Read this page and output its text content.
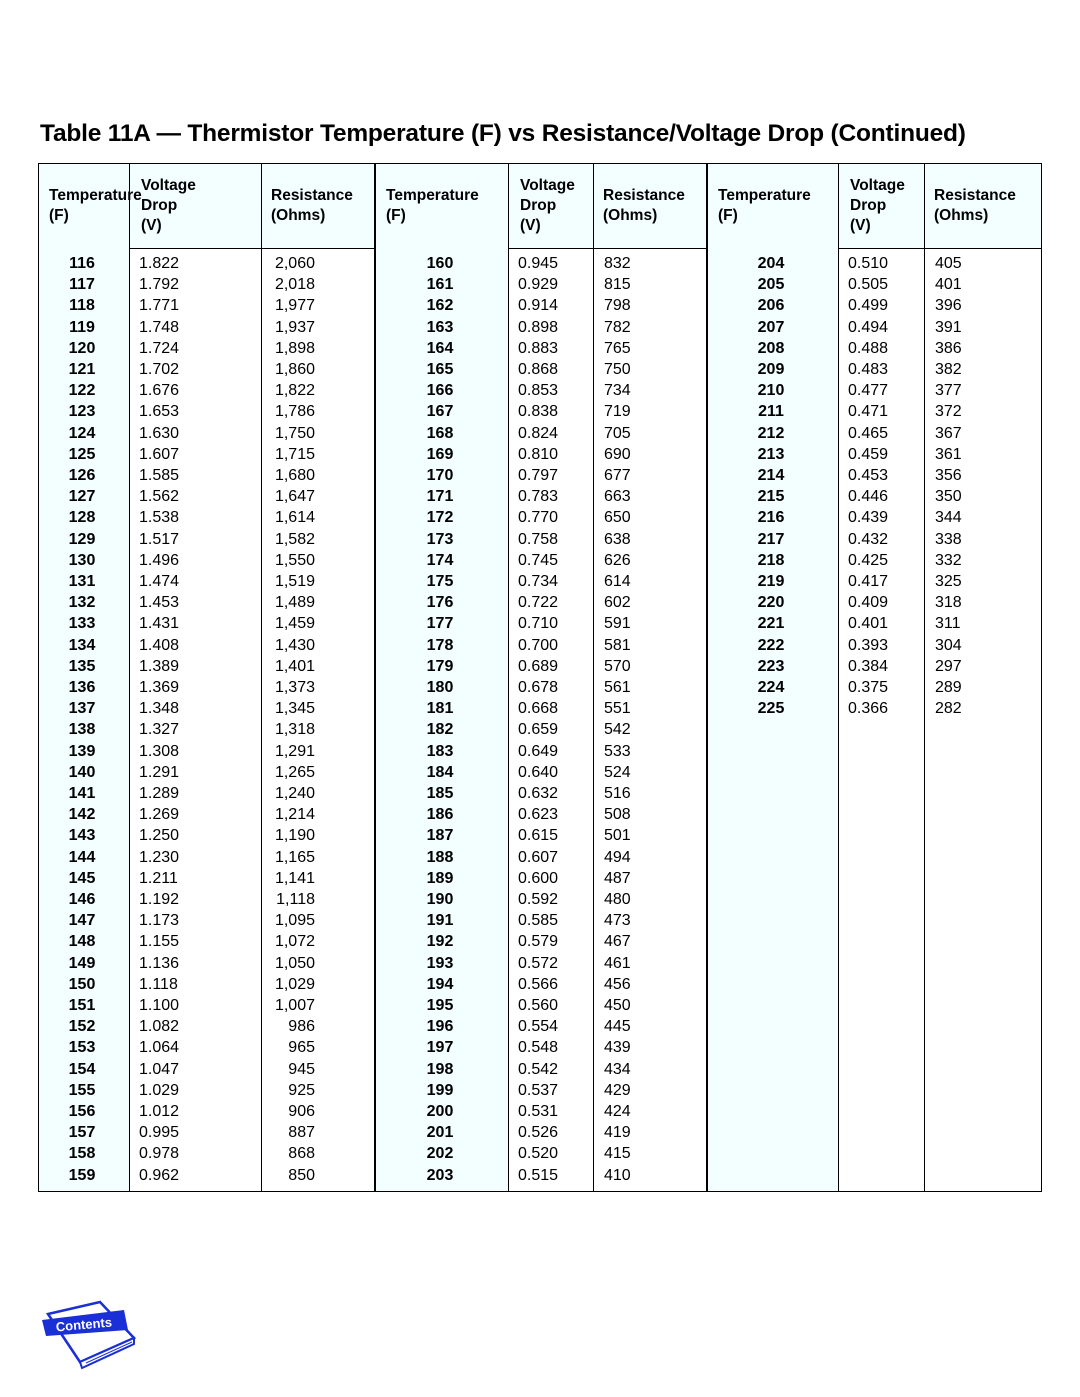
Table 11A — Thermistor Temperature (F) vs Resistance/Voltage Drop (Continued)
Temperature
(F)
Voltage
Drop
(V)
Resistance
(Ohms)
116	1.822	2,060
117	1.792	2,018
118	1.771	1,977
119	1.748	1,937
120	1.724	1,898
121	1.702	1,860
122	1.676	1,822
123	1.653	1,786
124	1.630	1,750
125	1.607	1,715
126	1.585	1,680
127	1.562	1,647
128	1.538	1,614
129	1.517	1,582
130	1.496	1,550
131	1.474	1,519
132	1.453	1,489
133	1.431	1,459
134	1.408	1,430
135	1.389	1,401
136	1.369	1,373
137	1.348	1,345
138	1.327	1,318
139	1.308	1,291
140	1.291	1,265
141	1.289	1,240
142	1.269	1,214
143	1.250	1,190
144	1.230	1,165
145	1.211	1,141
146	1.192	1,118
147	1.173	1,095
148	1.155	1,072
149	1.136	1,050
150	1.118	1,029
151	1.100	1,007
152	1.082	986
153	1.064	965
154	1.047	945
155	1.029	925
156	1.012	906
157	0.995	887
158	0.978	868
159	0.962	850
Temperature
(F)
Voltage
Drop
(V)
Resistance
(Ohms)
160	0.945	832
161	0.929	815
162	0.914	798
163	0.898	782
164	0.883	765
165	0.868	750
166	0.853	734
167	0.838	719
168	0.824	705
169	0.810	690
170	0.797	677
171	0.783	663
172	0.770	650
173	0.758	638
174	0.745	626
175	0.734	614
176	0.722	602
177	0.710	591
178	0.700	581
179	0.689	570
180	0.678	561
181	0.668	551
182	0.659	542
183	0.649	533
184	0.640	524
185	0.632	516
186	0.623	508
187	0.615	501
188	0.607	494
189	0.600	487
190	0.592	480
191	0.585	473
192	0.579	467
193	0.572	461
194	0.566	456
195	0.560	450
196	0.554	445
197	0.548	439
198	0.542	434
199	0.537	429
200	0.531	424
201	0.526	419
202	0.520	415
203	0.515	410
Temperature
(F)
Voltage
Drop
(V)
Resistance
(Ohms)
204	0.510	405
205	0.505	401
206	0.499	396
207	0.494	391
208	0.488	386
209	0.483	382
210	0.477	377
211	0.471	372
212	0.465	367
213	0.459	361
214	0.453	356
215	0.446	350
216	0.439	344
217	0.432	338
218	0.425	332
219	0.417	325
220	0.409	318
221	0.401	311
222	0.393	304
223	0.384	297
224	0.375	289
225	0.366	282
Contents
